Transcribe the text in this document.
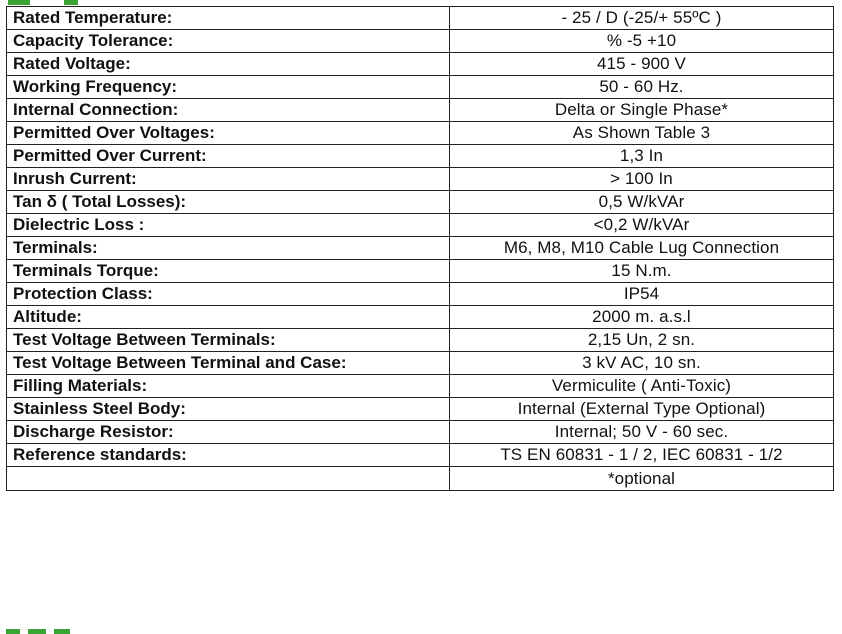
Rated Temperature:	- 25 / D (-25/+ 55ºC )
Capacity Tolerance:	% -5 +10
Rated Voltage:	415 - 900 V
Working Frequency:	50 - 60 Hz.
Internal Connection:	Delta or Single Phase*
Permitted Over Voltages:	As Shown Table 3
Permitted Over Current:	1,3 In
Inrush Current:	> 100 In
Tan δ ( Total Losses):	0,5 W/kVAr
Dielectric Loss :	<0,2 W/kVAr
Terminals:	M6, M8, M10 Cable Lug Connection
Terminals Torque:	15 N.m.
Protection Class:	IP54
Altitude:	2000 m. a.s.l
Test Voltage Between Terminals:	2,15 Un, 2 sn.
Test Voltage Between Terminal and Case:	3 kV AC, 10 sn.
Filling Materials:	Vermiculite ( Anti-Toxic)
Stainless Steel Body:	Internal (External Type Optional)
Discharge Resistor:	Internal; 50 V - 60 sec.
Reference standards:	TS EN 60831 - 1 / 2, IEC 60831 - 1/2
	*optional
